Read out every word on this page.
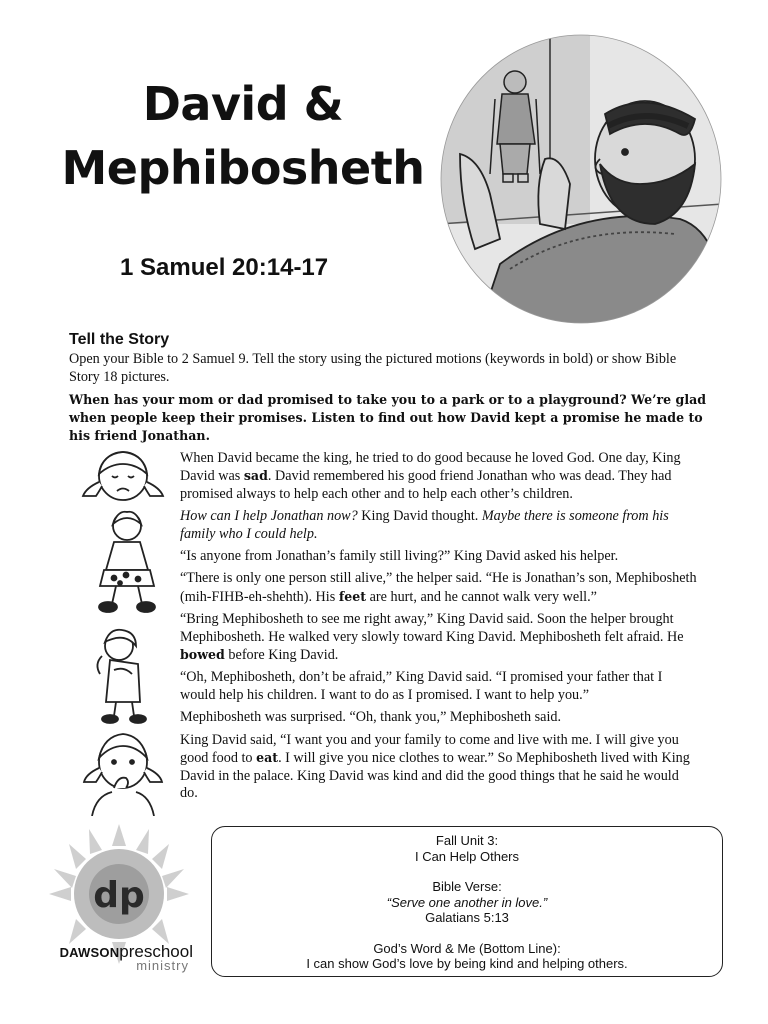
David &
Mephibosheth
1 Samuel 20:14-17
Tell the Story
Open your Bible to 2 Samuel 9. Tell the story using the pictured motions (keywords in bold) or show Bible Story 18 pictures.
When has your mom or dad promised to take you to a park or to a playground? We’re glad when people keep their promises. Listen to find out how David kept a promise he made to his friend Jonathan.

When David became the king, he tried to do good because he loved God. One day, King David was sad. David remembered his good friend Jonathan who was dead. They had promised always to help each other and to help each other’s children.

How can I help Jonathan now? King David thought. Maybe there is someone from his family who I could help.

“Is anyone from Jonathan’s family still living?” King David asked his helper.

“There is only one person still alive,” the helper said. “He is Jonathan’s son, Mephibosheth (mih-FIHB-eh-shehth). His feet are hurt, and he cannot walk very well.”

“Bring Mephibosheth to see me right away,” King David said. Soon the helper brought Mephibosheth. He walked very slowly toward King David. Mephibosheth felt afraid. He bowed before King David.

“Oh, Mephibosheth, don’t be afraid,” King David said. “I promised your father that I would help his children. I want to do as I promised. I want to help you.”

Mephibosheth was surprised. “Oh, thank you,” Mephibosheth said.

King David said, “I want you and your family to come and live with me. I will give you good food to eat. I will give you nice clothes to wear.” So Mephibosheth lived with King David in the palace. King David was kind and did the good things that he said he would do.

dp
DAWSONpreschool
ministry
Fall Unit 3:
I Can Help Others
Bible Verse:
“Serve one another in love.”
Galatians 5:13
God’s Word & Me (Bottom Line):
I can show God’s love by being kind and helping others.
